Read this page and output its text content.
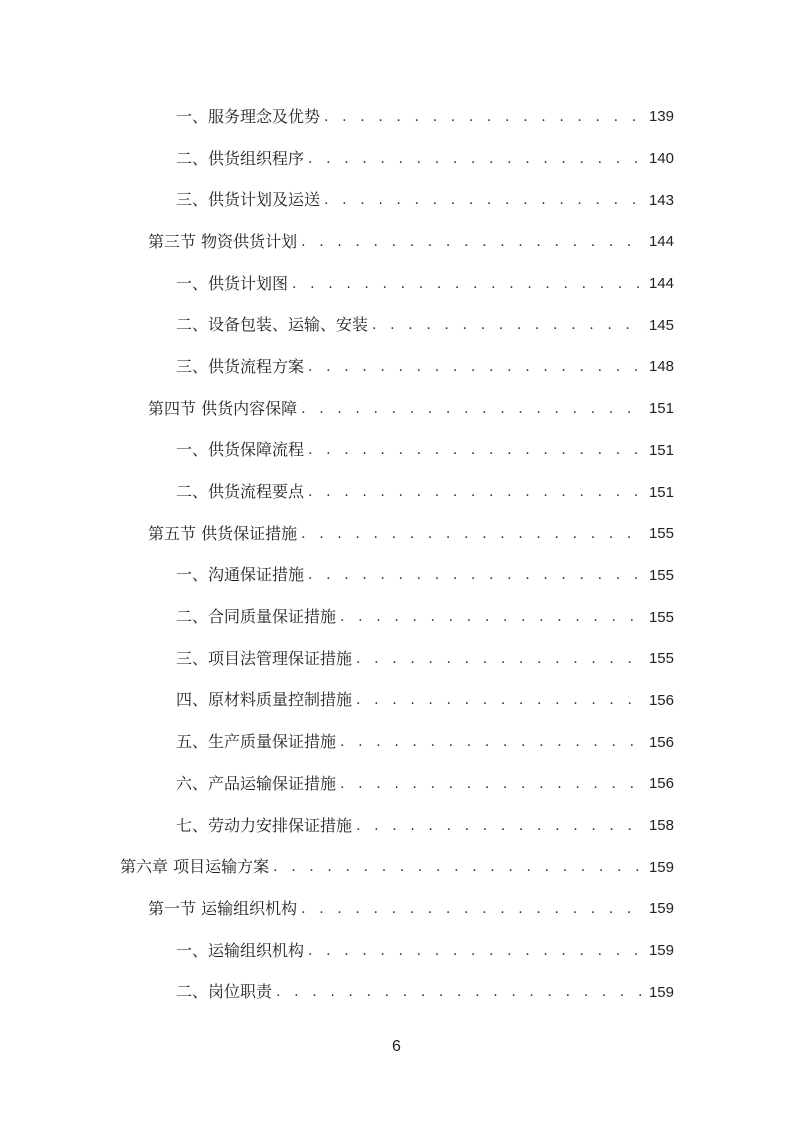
一、服务理念及优势 . . .	139
二、供货组织程序 . . .	140
三、供货计划及运送 . . .	143
第三节 物资供货计划 . . .	144
一、供货计划图 . . .	144
二、设备包装、运输、安装 . . .	145
三、供货流程方案 . . .	148
第四节 供货内容保障 . . .	151
一、供货保障流程 . . .	151
二、供货流程要点 . . .	151
第五节 供货保证措施 . . .	155
一、沟通保证措施 . . .	155
二、合同质量保证措施 . . .	155
三、项目法管理保证措施 . . .	155
四、原材料质量控制措施 . . .	156
五、生产质量保证措施 . . .	156
六、产品运输保证措施 . . .	156
七、劳动力安排保证措施 . . .	158
第六章 项目运输方案 . . .	159
第一节 运输组织机构 . . .	159
一、运输组织机构 . . .	159
二、岗位职责 . . .	159
6
